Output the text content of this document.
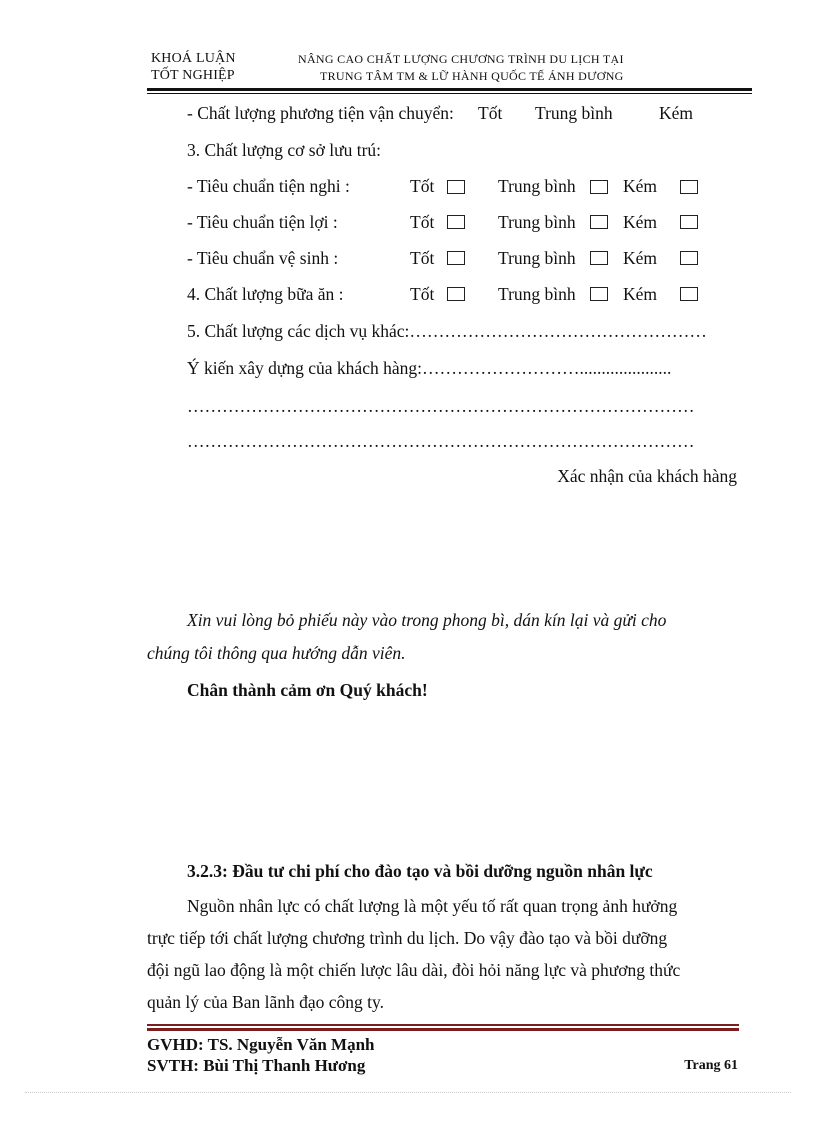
KHOÁ LUẬN
TỐT NGHIỆP
NÂNG CAO CHẤT LƯỢNG CHƯƠNG TRÌNH DU LỊCH TẠI
TRUNG TÂM TM & LỮ HÀNH QUỐC TẾ ÁNH DƯƠNG
- Chất lượng phương tiện vận chuyển: Tốt Trung bình	Kém
3. Chất lượng cơ sở lưu trú:
- Tiêu chuẩn tiện nghi :	Tốt	Trung bình	Kém
- Tiêu chuẩn tiện lợi :	Tốt	Trung bình	Kém
- Tiêu chuẩn vệ sinh :	Tốt	Trung bình	Kém
4. Chất lượng bữa ăn :	Tốt	Trung bình	Kém
5. Chất lượng các dịch vụ khác:……………………………………………
Ý kiến xây dựng của khách hàng:……………………….....................
……………………………………………………………………………
……………………………………………………………………………
Xác nhận của khách hàng
Xin vui lòng bỏ phiếu này vào trong phong bì, dán kín lại và gửi cho
chúng tôi thông qua hướng dẫn viên.
Chân thành cảm ơn Quý khách!
3.2.3: Đầu tư chi phí cho đào tạo và bồi dưỡng nguồn nhân lực
Nguồn nhân lực có chất lượng là một yếu tố rất quan trọng ảnh hưởng
trực tiếp tới chất lượng chương trình du lịch. Do vậy đào tạo và bồi dưỡng
đội ngũ lao động là một chiến lược lâu dài, đòi hỏi năng lực và phương thức
quản lý của Ban lãnh đạo công ty.
GVHD: TS. Nguyễn Văn Mạnh
SVTH: Bùi Thị Thanh Hương	Trang 61
